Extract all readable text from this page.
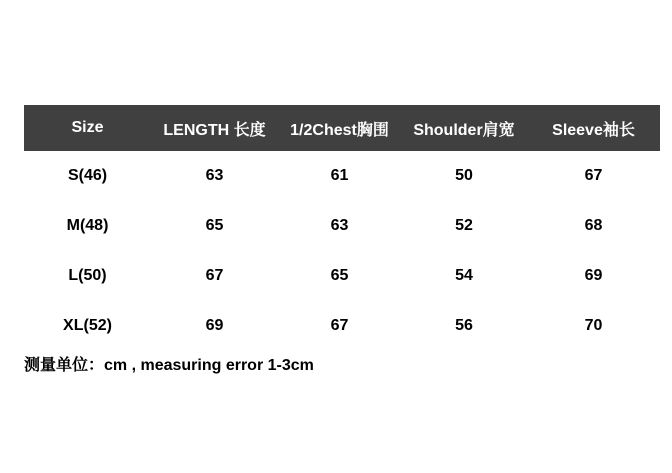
Size	LENGTH 长度	1/2Chest胸围	Shoulder肩宽	Sleeve袖长
S(46)	63	61	50	67
M(48)	65	63	52	68
L(50)	67	65	54	69
XL(52)	69	67	56	70
测量单位：cm , measuring error 1-3cm
